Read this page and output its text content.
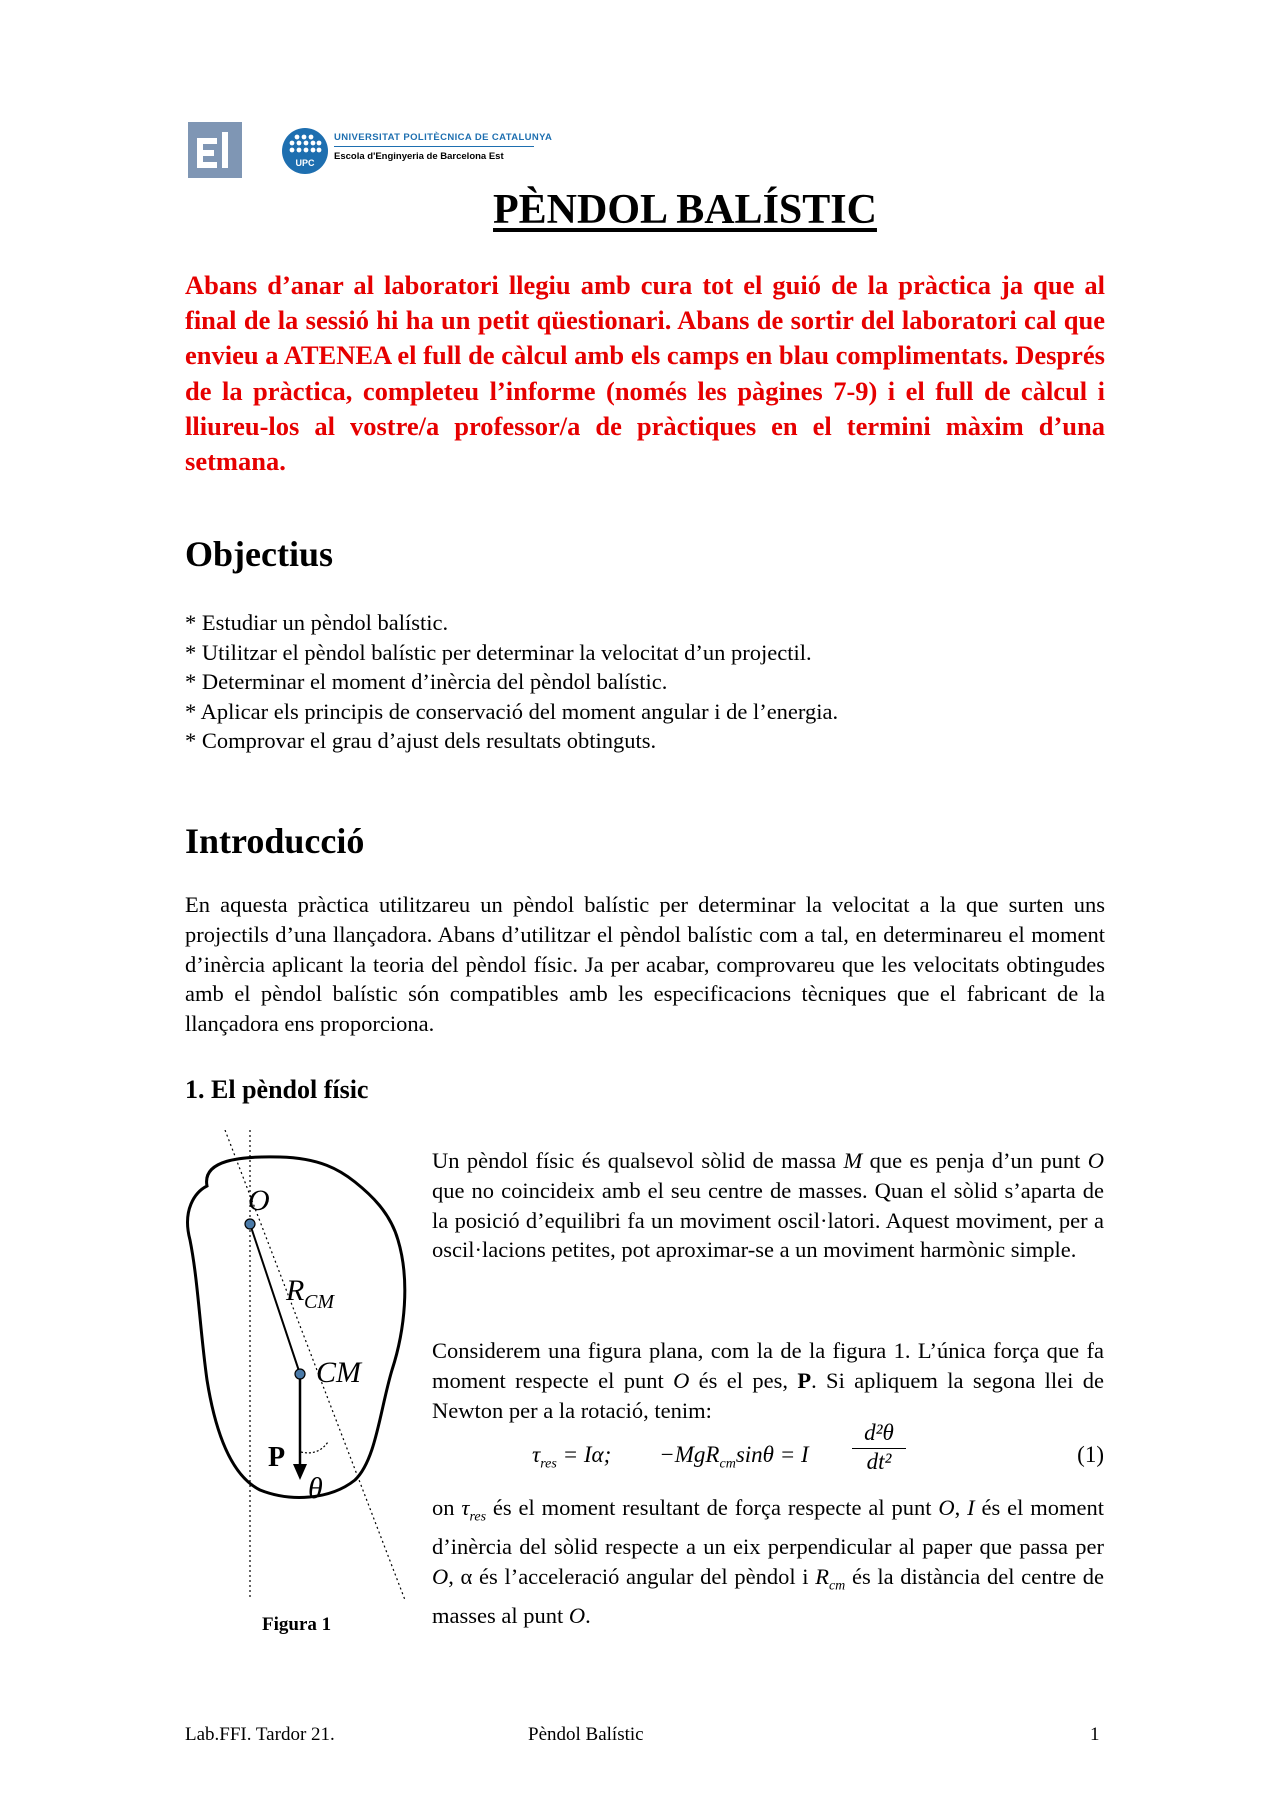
EI
UPC
UNIVERSITAT POLITÈCNICA DE CATALUNYA
Escola d'Enginyeria de Barcelona Est
PÈNDOL BALÍSTIC

Abans d’anar al laboratori llegiu amb cura tot el guió de la pràctica ja que al final de la sessió hi ha un petit qüestionari. Abans de sortir del laboratori cal que envieu a ATENEA el full de càlcul amb els camps en blau complimentats. Després de la pràctica, completeu l’informe (només les pàgines 7-9) i el full de càlcul i lliureu-los al vostre/a professor/a de pràctiques en el termini màxim d’una setmana.

Objectius
* Estudiar un pèndol balístic.
* Utilitzar el pèndol balístic per determinar la velocitat d’un projectil.
* Determinar el moment d’inèrcia del pèndol balístic.
* Aplicar els principis de conservació del moment angular i de l’energia.
* Comprovar el grau d’ajust dels resultats obtinguts.
Introducció
En aquesta pràctica utilitzareu un pèndol balístic per determinar la velocitat a la que surten uns projectils d’una llançadora. Abans d’utilitzar el pèndol balístic com a tal, en determinareu el moment d’inèrcia aplicant la teoria del pèndol físic. Ja per acabar, comprovareu que les velocitats obtingudes amb el pèndol balístic són compatibles amb les especificacions tècniques que el fabricant de la llançadora ens proporciona.
1. El pèndol físic
Un pèndol físic és qualsevol sòlid de massa M que es penja d’un punt O que no coincideix amb el seu centre de masses. Quan el sòlid s’aparta de la posició d’equilibri fa un moviment oscil·latori. Aquest moviment, per a oscil·lacions petites, pot aproximar-se a un moviment harmònic simple.
Considerem una figura plana, com la de la figura 1. L’única força que fa moment respecte el punt O és el pes, P. Si apliquem la segona llei de Newton per a la rotació, tenim:
$\tau_{res} = I\alpha$; −MgR$_{cm}$sinθ = I $\frac{\text{d²θ}}{\text{dt²}}$	(1)
on $\tau_{res}$ és el moment resultant de força respecte al punt O, I és el moment d’inèrcia del sòlid respecte a un eix perpendicular al paper que passa per O, α és l’acceleració angular del pèndol i $R_{cm}$ és la distància del centre de masses al punt O.
O
R CM
CM
P
θ
Figura 1
Lab.FFI. Tardor 21.	Pèndol Balístic	1
